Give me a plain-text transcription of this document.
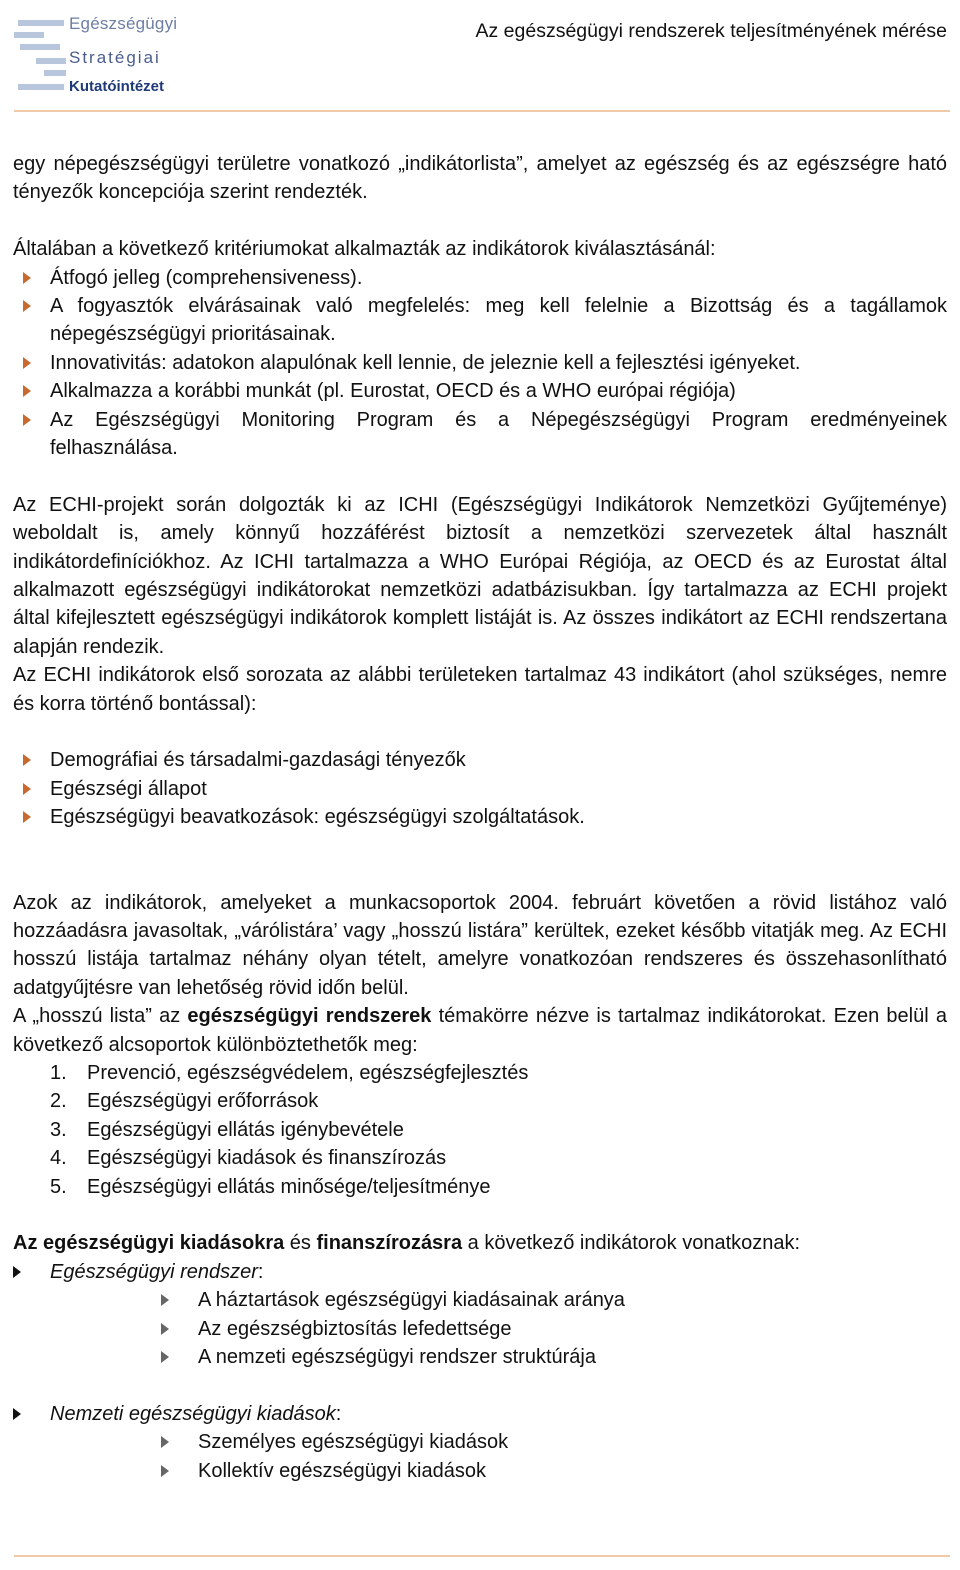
Egészségügyi
Stratégiai
Kutatóintézet
Az egészségügyi rendszerek teljesítményének mérése

egy népegészségügyi területre vonatkozó „indikátorlista”, amelyet az egészség és az egészségre ható tényezők koncepciója szerint rendezték.

Általában a következő kritériumokat alkalmazták az indikátorok kiválasztásánál:

Átfogó jelleg (comprehensiveness).
A fogyasztók elvárásainak való megfelelés: meg kell felelnie a Bizottság és a tagállamok népegészségügyi prioritásainak.
Innovativitás: adatokon alapulónak kell lennie, de jeleznie kell a fejlesztési igényeket.
Alkalmazza a korábbi munkát (pl. Eurostat, OECD és a WHO európai régiója)
Az Egészségügyi Monitoring Program és a Népegészségügyi Program eredményeinek felhasználása.

Az ECHI-projekt során dolgozták ki az ICHI (Egészségügyi Indikátorok Nemzetközi Gyűjteménye) weboldalt is, amely könnyű hozzáférést biztosít a nemzetközi szervezetek által használt indikátordefiníciókhoz. Az ICHI tartalmazza a WHO Európai Régiója, az OECD és az Eurostat által alkalmazott egészségügyi indikátorokat nemzetközi adatbázisukban. Így tartalmazza az ECHI projekt által kifejlesztett egészségügyi indikátorok komplett listáját is. Az összes indikátort az ECHI rendszertana alapján rendezik.

Az ECHI indikátorok első sorozata az alábbi területeken tartalmaz 43 indikátort (ahol szükséges, nemre és korra történő bontással):

Demográfiai és társadalmi-gazdasági tényezők
Egészségi állapot
Egészségügyi beavatkozások: egészségügyi szolgáltatások.

Azok az indikátorok, amelyeket a munkacsoportok 2004. februárt követően a rövid listához való hozzáadásra javasoltak, „várólistára’ vagy „hosszú listára” kerültek, ezeket később vitatják meg. Az ECHI hosszú listája tartalmaz néhány olyan tételt, amelyre vonatkozóan rendszeres és összehasonlítható adatgyűjtésre van lehetőség rövid időn belül.

A „hosszú lista” az egészségügyi rendszerek témakörre nézve is tartalmaz indikátorokat. Ezen belül a következő alcsoportok különböztethetők meg:

1. Prevenció, egészségvédelem, egészségfejlesztés
2. Egészségügyi erőforrások
3. Egészségügyi ellátás igénybevétele
4. Egészségügyi kiadások és finanszírozás
5. Egészségügyi ellátás minősége/teljesítménye

Az egészségügyi kiadásokra és finanszírozásra a következő indikátorok vonatkoznak:

Egészségügyi rendszer:
A háztartások egészségügyi kiadásainak aránya
Az egészségbiztosítás lefedettsége
A nemzeti egészségügyi rendszer struktúrája
Nemzeti egészségügyi kiadások:
Személyes egészségügyi kiadások
Kollektív egészségügyi kiadások
